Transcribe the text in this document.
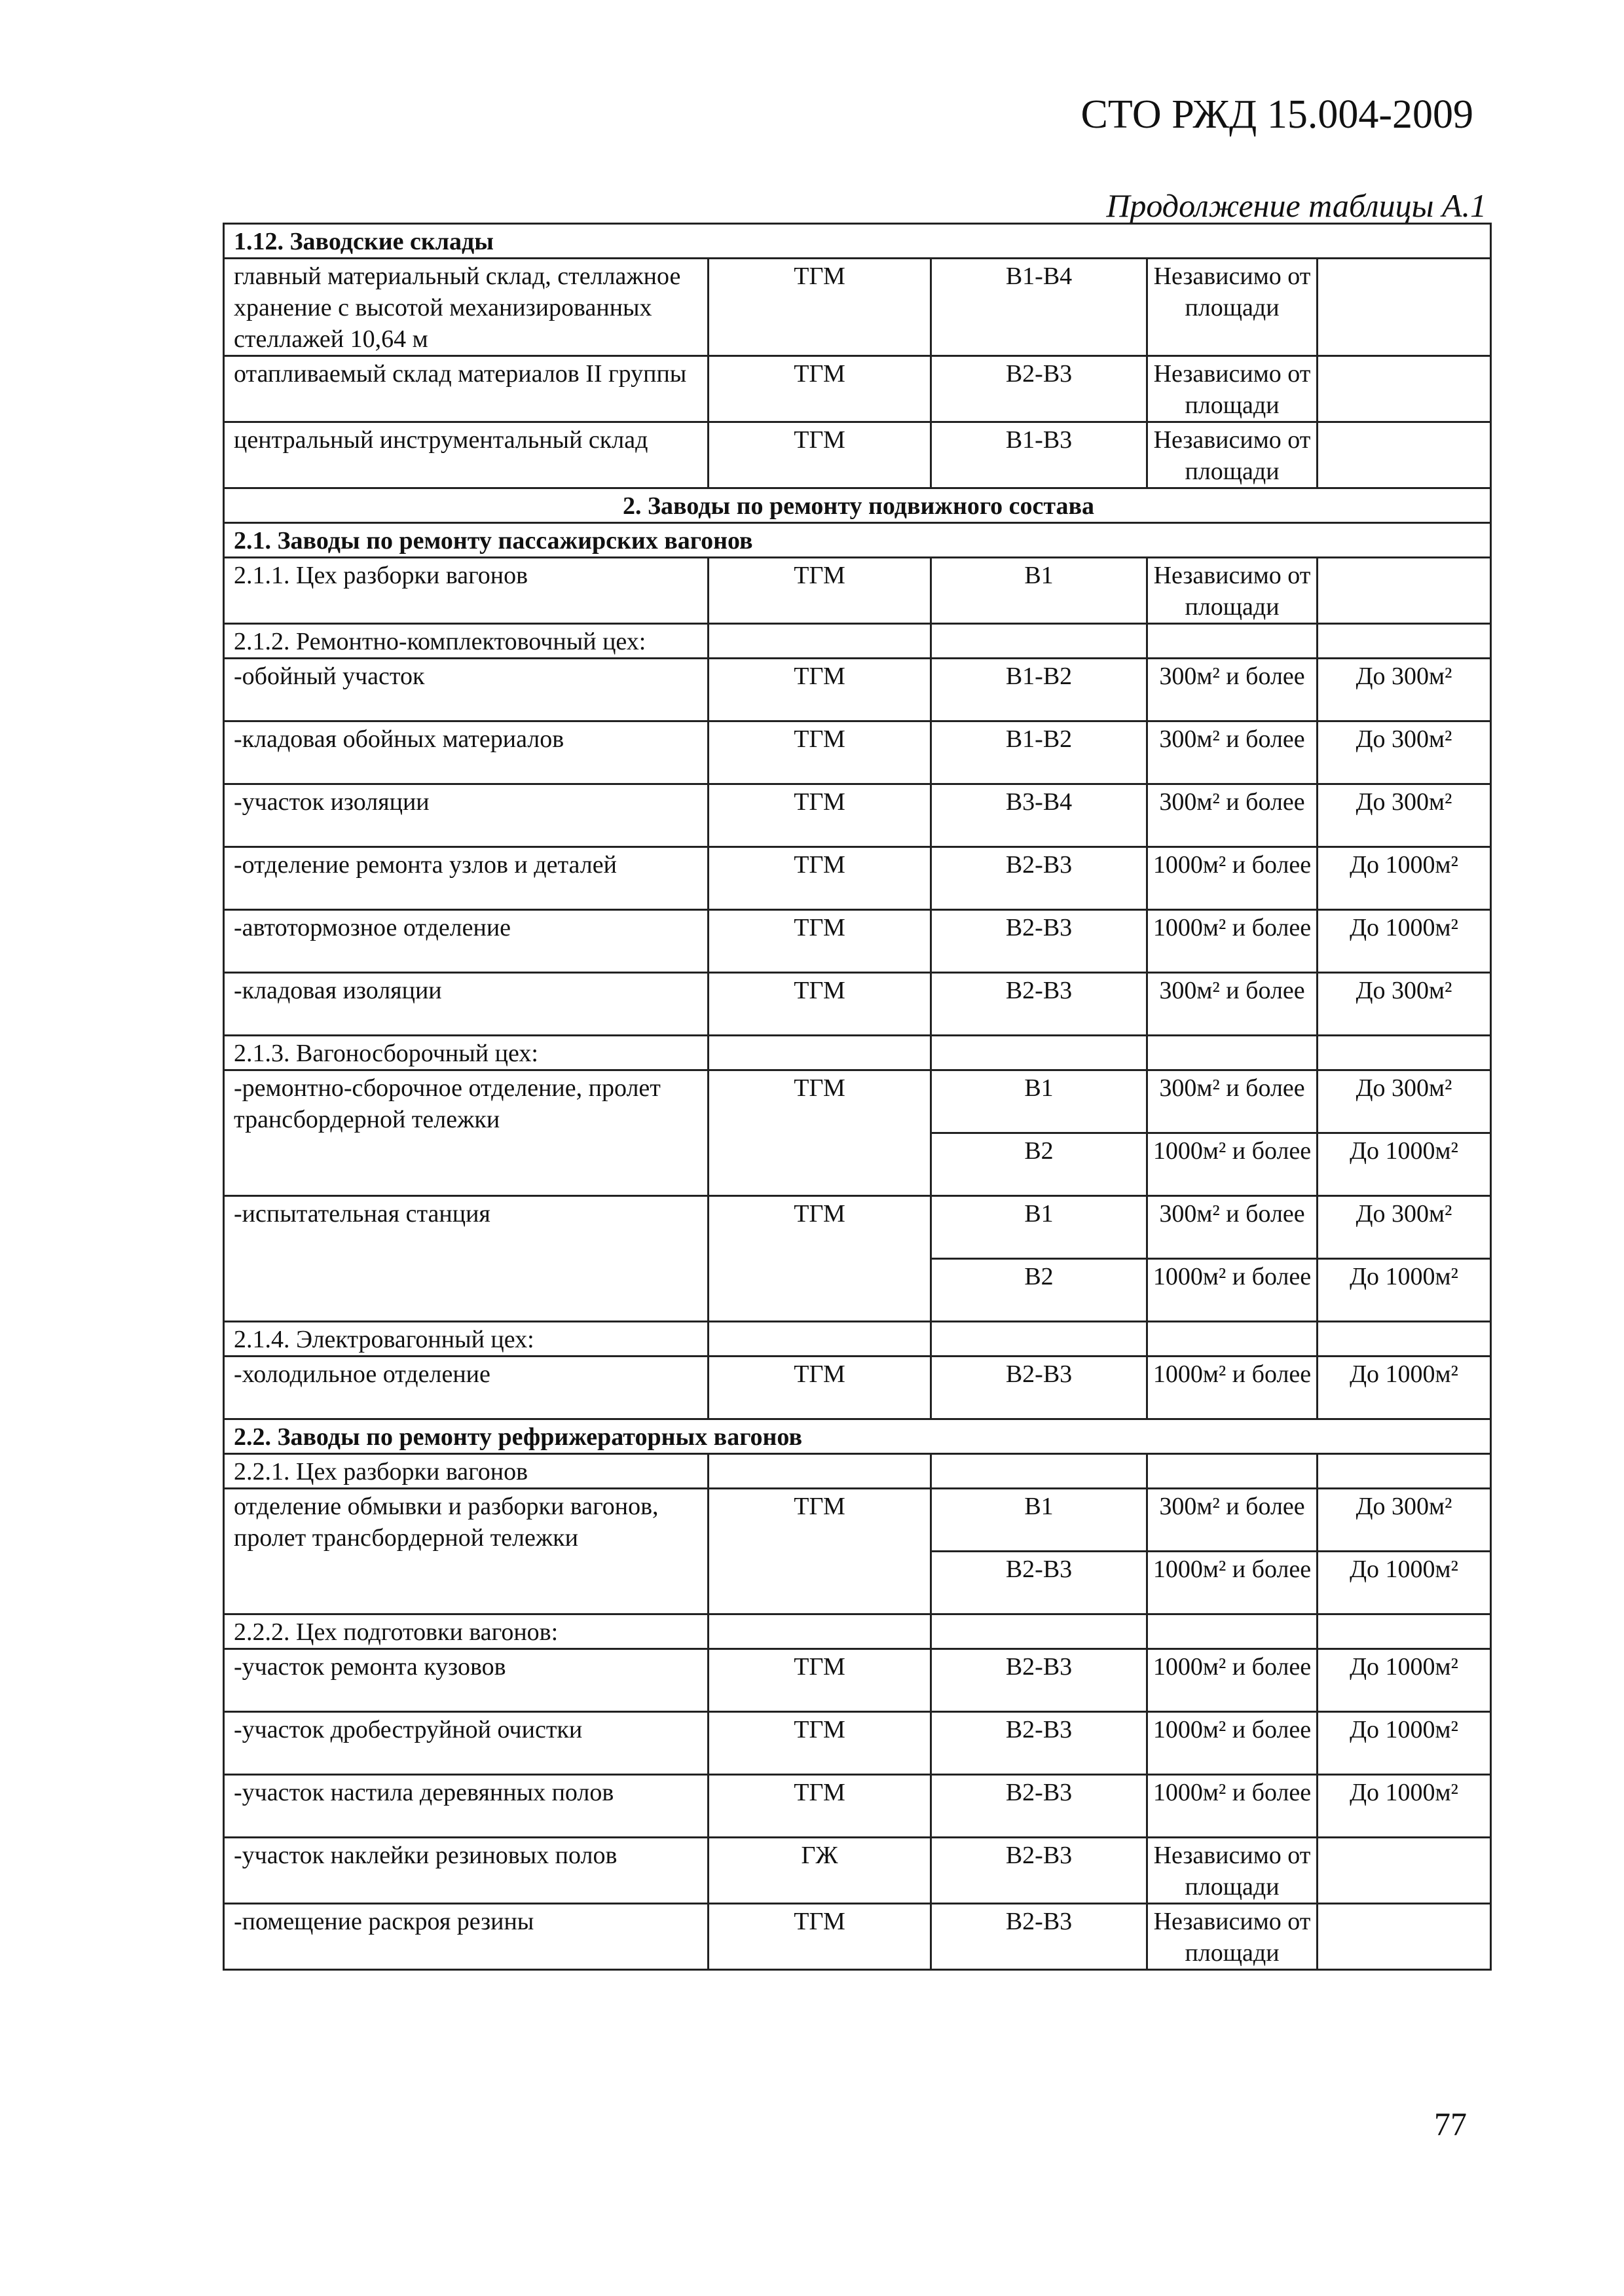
СТО РЖД 15.004-2009
Продолжение таблицы А.1
1.12. Заводские склады				
главный материальный склад, стеллажное хранение с высотой механизированных стеллажей 10,64 м	ТГМ	В1-В4	Независимо от площади	
отапливаемый склад материалов II группы	ТГМ	В2-В3	Независимо от площади	
центральный инструментальный склад	ТГМ	В1-В3	Независимо от площади	
2. Заводы по ремонту подвижного состава				
2.1. Заводы по ремонту пассажирских вагонов				
2.1.1. Цех разборки вагонов	ТГМ	В1	Независимо от площади	
2.1.2. Ремонтно-комплектовочный цех:				
-обойный участок	ТГМ	В1-В2	300м² и более	До 300м²
-кладовая обойных материалов	ТГМ	В1-В2	300м² и более	До 300м²
-участок изоляции	ТГМ	В3-В4	300м² и более	До 300м²
-отделение ремонта узлов и деталей	ТГМ	В2-В3	1000м² и более	До 1000м²
-автотормозное отделение	ТГМ	В2-В3	1000м² и более	До 1000м²
-кладовая изоляции	ТГМ	В2-В3	300м² и более	До 300м²
2.1.3. Вагоносборочный цех:				
-ремонтно-сборочное отделение, пролет трансбордерной тележки	ТГМ	В1	300м² и более	До 300м²
		В2	1000м² и более	До 1000м²
-испытательная станция	ТГМ	В1	300м² и более	До 300м²
		В2	1000м² и более	До 1000м²
2.1.4. Электровагонный цех:				
-холодильное отделение	ТГМ	В2-В3	1000м² и более	До 1000м²
2.2. Заводы по ремонту рефрижераторных вагонов				
2.2.1. Цех разборки вагонов				
отделение обмывки и разборки вагонов, пролет трансбордерной тележки	ТГМ	В1	300м² и более	До 300м²
		В2-В3	1000м² и более	До 1000м²
2.2.2. Цех подготовки вагонов:				
-участок ремонта кузовов	ТГМ	В2-В3	1000м² и более	До 1000м²
-участок дробеструйной очистки	ТГМ	В2-В3	1000м² и более	До 1000м²
-участок настила деревянных полов	ТГМ	В2-В3	1000м² и более	До 1000м²
-участок наклейки резиновых полов	ГЖ	В2-В3	Независимо от площади	
-помещение раскроя резины	ТГМ	В2-В3	Независимо от площади	
77
